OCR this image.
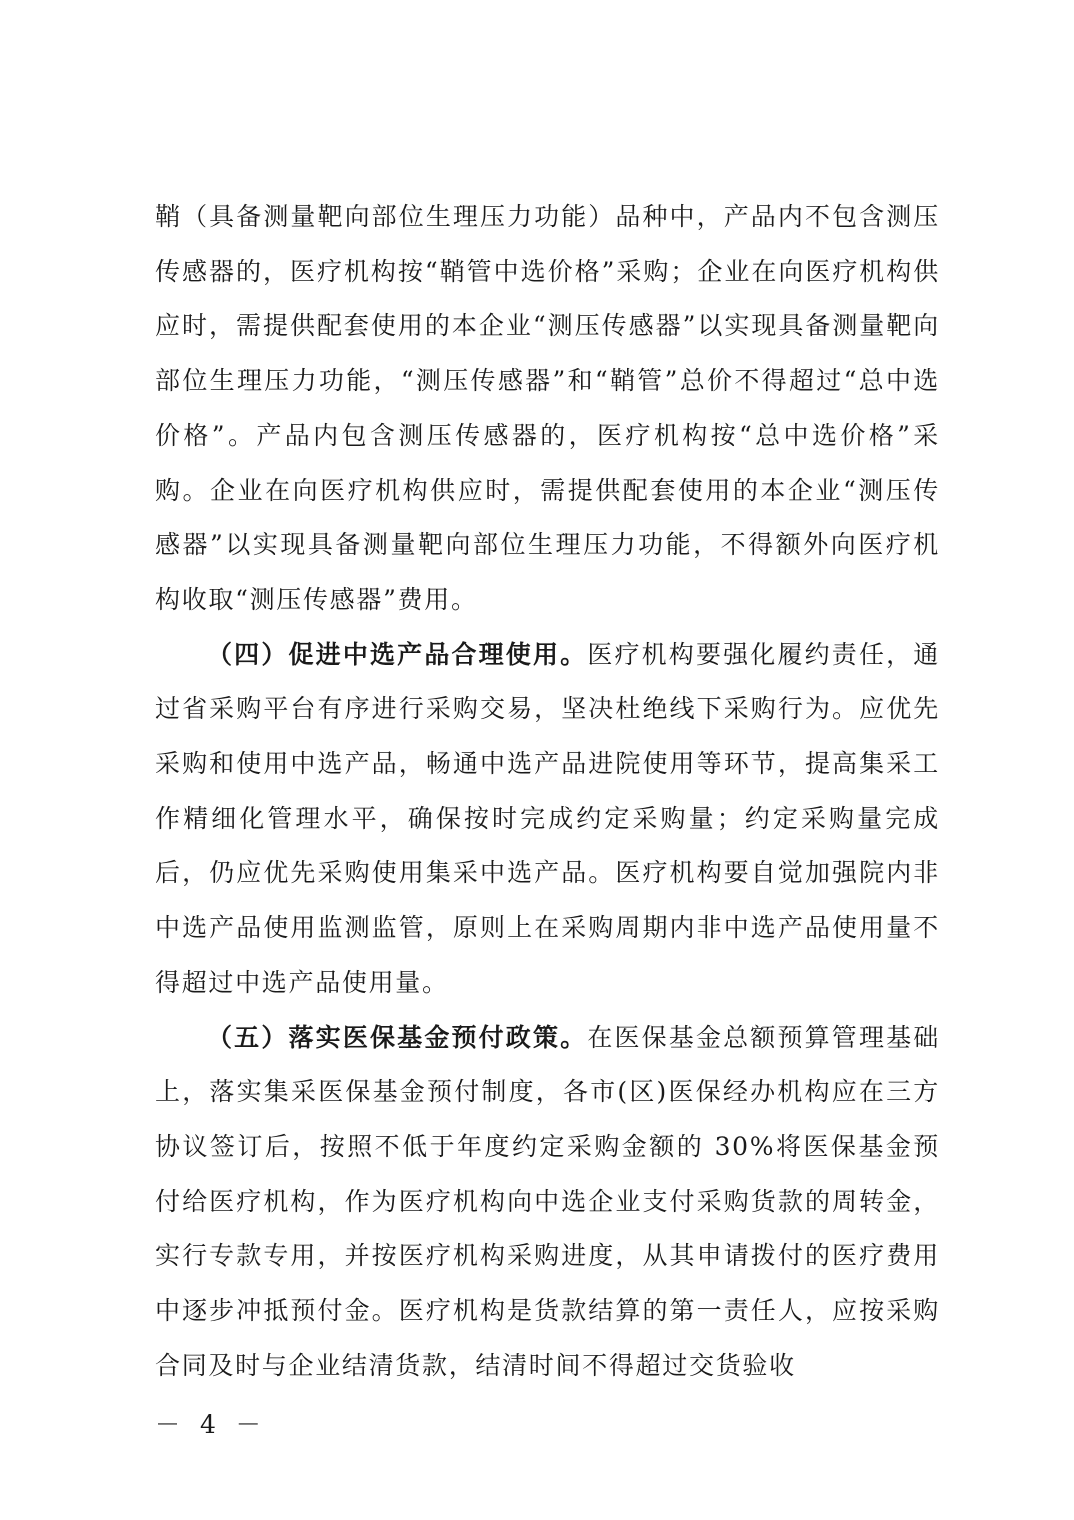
鞘（具备测量靶向部位生理压力功能）品种中，产品内不包含测压传感器的，医疗机构按“鞘管中选价格”采购；企业在向医疗机构供应时，需提供配套使用的本企业“测压传感器”以实现具备测量靶向部位生理压力功能，“测压传感器”和“鞘管”总价不得超过“总中选价格”。产品内包含测压传感器的，医疗机构按“总中选价格”采购。企业在向医疗机构供应时，需提供配套使用的本企业“测压传感器”以实现具备测量靶向部位生理压力功能，不得额外向医疗机构收取“测压传感器”费用。

（四）促进中选产品合理使用。医疗机构要强化履约责任，通过省采购平台有序进行采购交易，坚决杜绝线下采购行为。应优先采购和使用中选产品，畅通中选产品进院使用等环节，提高集采工作精细化管理水平，确保按时完成约定采购量；约定采购量完成后，仍应优先采购使用集采中选产品。医疗机构要自觉加强院内非中选产品使用监测监管，原则上在采购周期内非中选产品使用量不得超过中选产品使用量。

（五）落实医保基金预付政策。在医保基金总额预算管理基础上，落实集采医保基金预付制度，各市(区)医保经办机构应在三方协议签订后，按照不低于年度约定采购金额的 30%将医保基金预付给医疗机构，作为医疗机构向中选企业支付采购货款的周转金，实行专款专用，并按医疗机构采购进度，从其申请拨付的医疗费用中逐步冲抵预付金。医疗机构是货款结算的第一责任人，应按采购合同及时与企业结清货款，结清时间不得超过交货验收

－ 4 －
